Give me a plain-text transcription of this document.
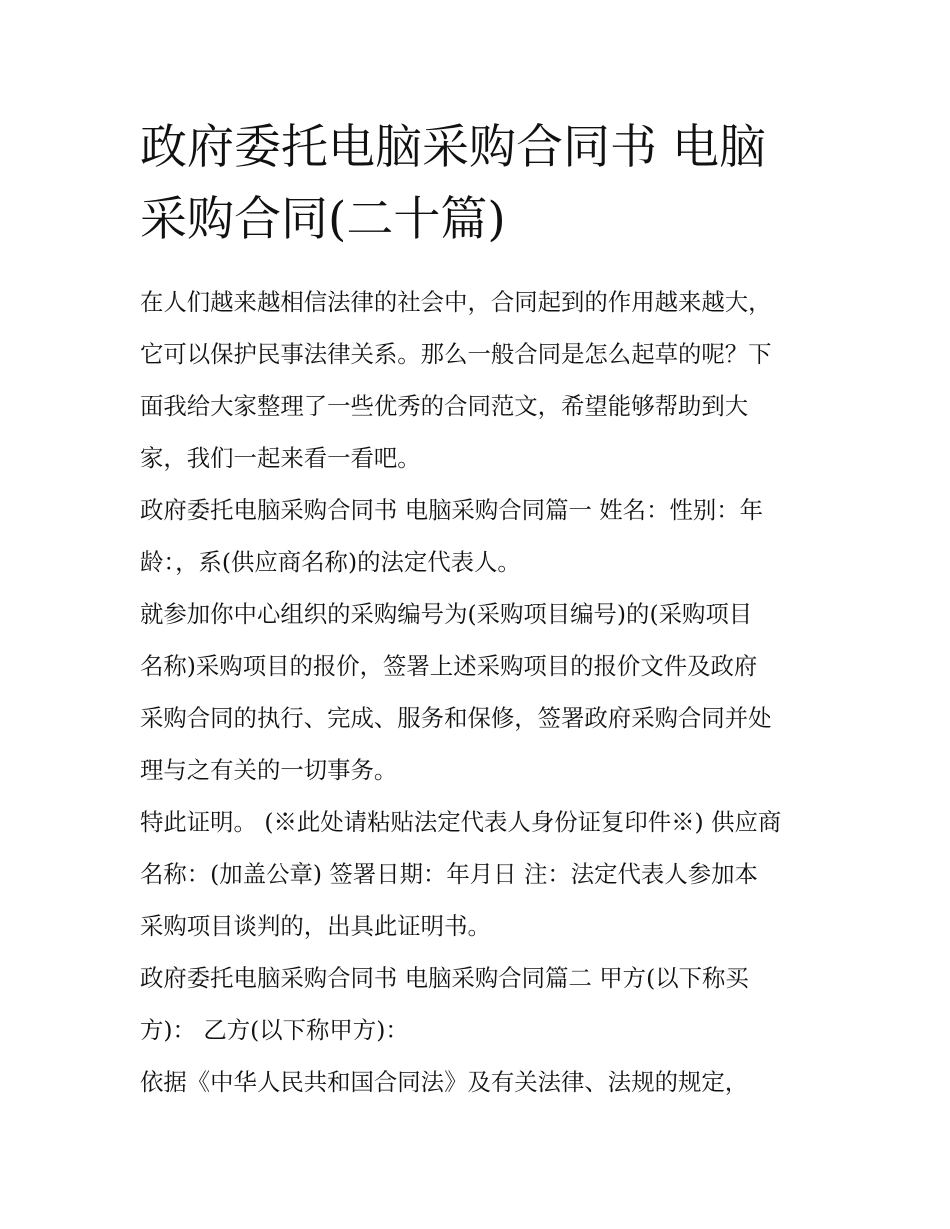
政府委托电脑采购合同书 电脑
采购合同(二十篇)

在人们越来越相信法律的社会中，合同起到的作用越来越大，
它可以保护民事法律关系。那么一般合同是怎么起草的呢？下
面我给大家整理了一些优秀的合同范文，希望能够帮助到大
家，我们一起来看一看吧。

政府委托电脑采购合同书 电脑采购合同篇一 姓名：性别：年
龄：，系(供应商名称)的法定代表人。

就参加你中心组织的采购编号为(采购项目编号)的(采购项目
名称)采购项目的报价，签署上述采购项目的报价文件及政府
采购合同的执行、完成、服务和保修，签署政府采购合同并处
理与之有关的一切事务。

特此证明。 (※此处请粘贴法定代表人身份证复印件※) 供应商
名称：(加盖公章) 签署日期：年月日 注：法定代表人参加本
采购项目谈判的，出具此证明书。

政府委托电脑采购合同书 电脑采购合同篇二 甲方(以下称买
方)： 乙方(以下称甲方)：

依据《中华人民共和国合同法》及有关法律、法规的规定，
